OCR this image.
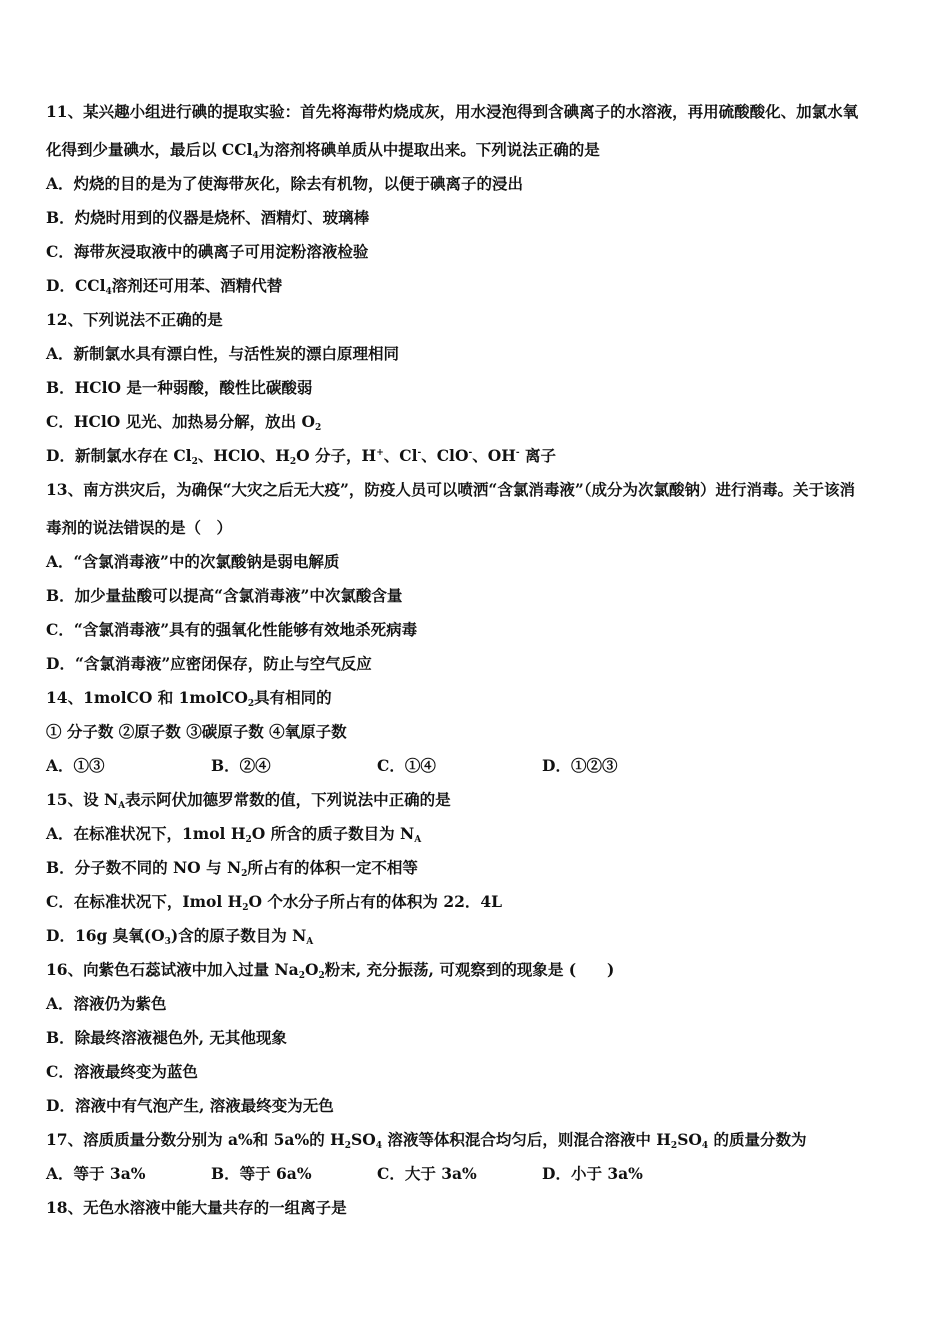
11、某兴趣小组进行碘的提取实验：首先将海带灼烧成灰，用水浸泡得到含碘离子的水溶液，再用硫酸酸化、加氯水氧
化得到少量碘水，最后以 CCl$_4$为溶剂将碘单质从中提取出来。下列说法正确的是
A．灼烧的目的是为了使海带灰化，除去有机物，以便于碘离子的浸出
B．灼烧时用到的仪器是烧杯、酒精灯、玻璃棒
C．海带灰浸取液中的碘离子可用淀粉溶液检验
D．CCl$_4$溶剂还可用苯、酒精代替
12、下列说法不正确的是
A．新制氯水具有漂白性，与活性炭的漂白原理相同
B．HClO 是一种弱酸，酸性比碳酸弱
C．HClO 见光、加热易分解，放出 $O_2$
D．新制氯水存在 $Cl_2$、HClO、$H_2O$ 分子，H+、Cl-、ClO-、OH- 离子
13、南方洪灾后，为确保“大灾之后无大疫”，防疫人员可以喷洒“含氯消毒液”（成分为次氯酸钠）进行消毒。关于该消
毒剂的说法错误的是（　）
A．“含氯消毒液”中的次氯酸钠是弱电解质
B．加少量盐酸可以提高“含氯消毒液”中次氯酸含量
C．“含氯消毒液”具有的强氧化性能够有效地杀死病毒
D．“含氯消毒液”应密闭保存，防止与空气反应
14、1molCO 和 1molCO$_2$具有相同的
① 分子数 ②原子数 ③碳原子数 ④氧原子数
A．①③	B．②④	C．①④	D．①②③
15、设 $N_A$表示阿伏加德罗常数的值，下列说法中正确的是
A．在标准状况下，1mol $H_2O$ 所含的质子数目为 $N_A$
B．分子数不同的 NO 与 $N_2$所占有的体积一定不相等
C．在标准状况下，Imol $H_2O$ 个水分子所占有的体积为 22．4L
D．16g 臭氧$(O_3)$含的原子数目为 $N_A$
16、向紫色石蕊试液中加入过量 $Na_2O_2$粉末, 充分振荡, 可观察到的现象是 (　　)
A．溶液仍为紫色
B．除最终溶液褪色外, 无其他现象
C．溶液最终变为蓝色
D．溶液中有气泡产生, 溶液最终变为无色
17、溶质质量分数分别为 a%和 5a%的 $H_2SO_4$ 溶液等体积混合均匀后，则混合溶液中 $H_2SO_4$ 的质量分数为
A．等于 3a%	B．等于 6a%	C．大于 3a%	D．小于 3a%
18、无色水溶液中能大量共存的一组离子是
